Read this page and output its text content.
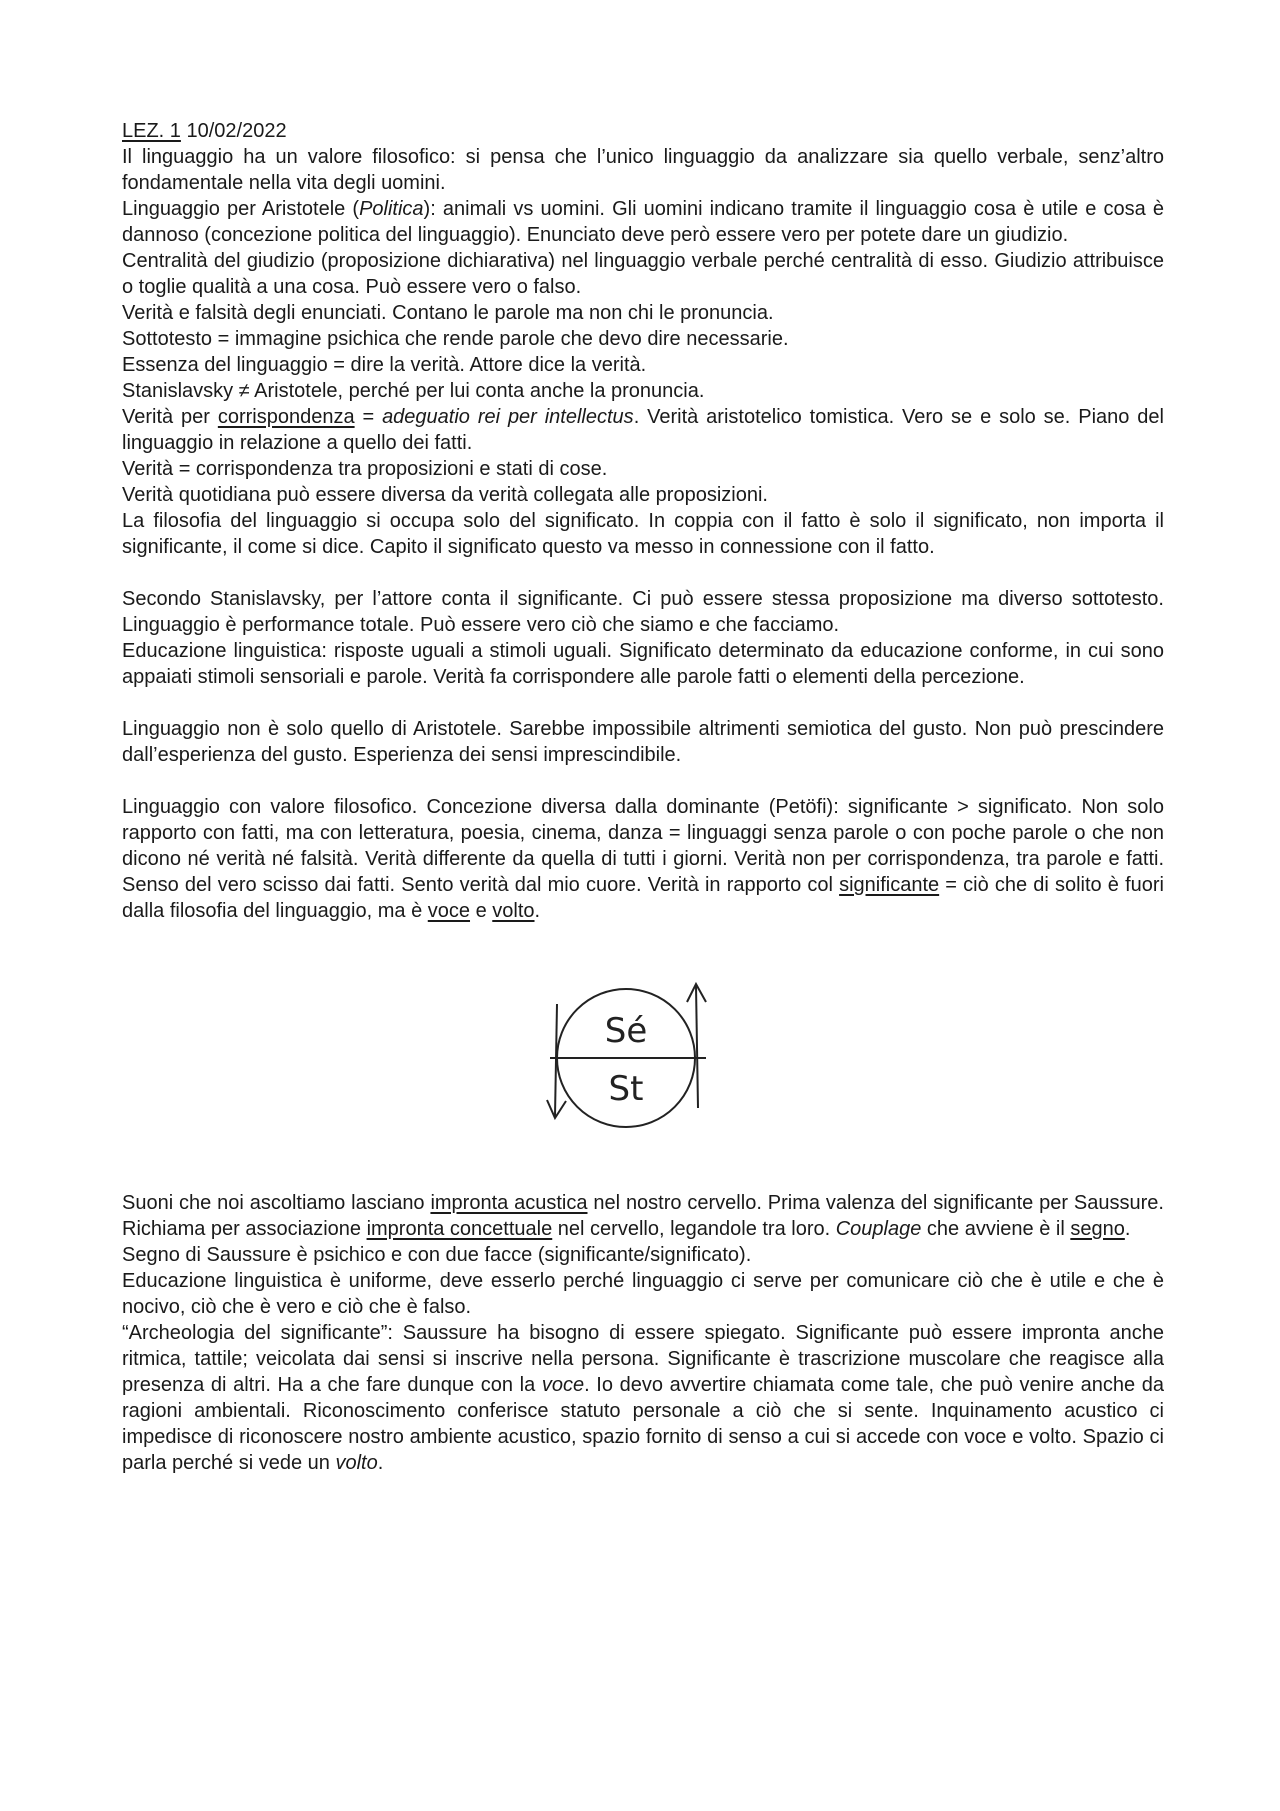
LEZ. 1 10/02/2022

Il linguaggio ha un valore filosofico: si pensa che l’unico linguaggio da analizzare sia quello verbale, senz’altro fondamentale nella vita degli uomini.

Linguaggio per Aristotele (Politica): animali vs uomini. Gli uomini indicano tramite il linguaggio cosa è utile e cosa è dannoso (concezione politica del linguaggio). Enunciato deve però essere vero per potete dare un giudizio.

Centralità del giudizio (proposizione dichiarativa) nel linguaggio verbale perché centralità di esso. Giudizio attribuisce o toglie qualità a una cosa. Può essere vero o falso.

Verità e falsità degli enunciati. Contano le parole ma non chi le pronuncia.

Sottotesto = immagine psichica che rende parole che devo dire necessarie.

Essenza del linguaggio = dire la verità. Attore dice la verità.

Stanislavsky ≠ Aristotele, perché per lui conta anche la pronuncia.

Verità per corrispondenza = adeguatio rei per intellectus. Verità aristotelico tomistica. Vero se e solo se. Piano del linguaggio in relazione a quello dei fatti.

Verità = corrispondenza tra proposizioni e stati di cose.

Verità quotidiana può essere diversa da verità collegata alle proposizioni.

La filosofia del linguaggio si occupa solo del significato. In coppia con il fatto è solo il significato, non importa il significante, il come si dice. Capito il significato questo va messo in connessione con il fatto.

Secondo Stanislavsky, per l’attore conta il significante. Ci può essere stessa proposizione ma diverso sottotesto. Linguaggio è performance totale. Può essere vero ciò che siamo e che facciamo.

Educazione linguistica: risposte uguali a stimoli uguali. Significato determinato da educazione conforme, in cui sono appaiati stimoli sensoriali e parole. Verità fa corrispondere alle parole fatti o elementi della percezione.

Linguaggio non è solo quello di Aristotele. Sarebbe impossibile altrimenti semiotica del gusto. Non può prescindere dall’esperienza del gusto. Esperienza dei sensi imprescindibile.

Linguaggio con valore filosofico. Concezione diversa dalla dominante (Petöfi): significante > significato. Non solo rapporto con fatti, ma con letteratura, poesia, cinema, danza = linguaggi senza parole o con poche parole o che non dicono né verità né falsità. Verità differente da quella di tutti i giorni. Verità non per corrispondenza, tra parole e fatti. Senso del vero scisso dai fatti. Sento verità dal mio cuore. Verità in rapporto col significante = ciò che di solito è fuori dalla filosofia del linguaggio, ma è voce e volto.

Sé
St

Suoni che noi ascoltiamo lasciano impronta acustica nel nostro cervello. Prima valenza del significante per Saussure. Richiama per associazione impronta concettuale nel cervello, legandole tra loro. Couplage che avviene è il segno.

Segno di Saussure è psichico e con due facce (significante/significato).

Educazione linguistica è uniforme, deve esserlo perché linguaggio ci serve per comunicare ciò che è utile e che è nocivo, ciò che è vero e ciò che è falso.

“Archeologia del significante”: Saussure ha bisogno di essere spiegato. Significante può essere impronta anche ritmica, tattile; veicolata dai sensi si inscrive nella persona. Significante è trascrizione muscolare che reagisce alla presenza di altri. Ha a che fare dunque con la voce. Io devo avvertire chiamata come tale, che può venire anche da ragioni ambientali. Riconoscimento conferisce statuto personale a ciò che si sente. Inquinamento acustico ci impedisce di riconoscere nostro ambiente acustico, spazio fornito di senso a cui si accede con voce e volto. Spazio ci parla perché si vede un volto.
